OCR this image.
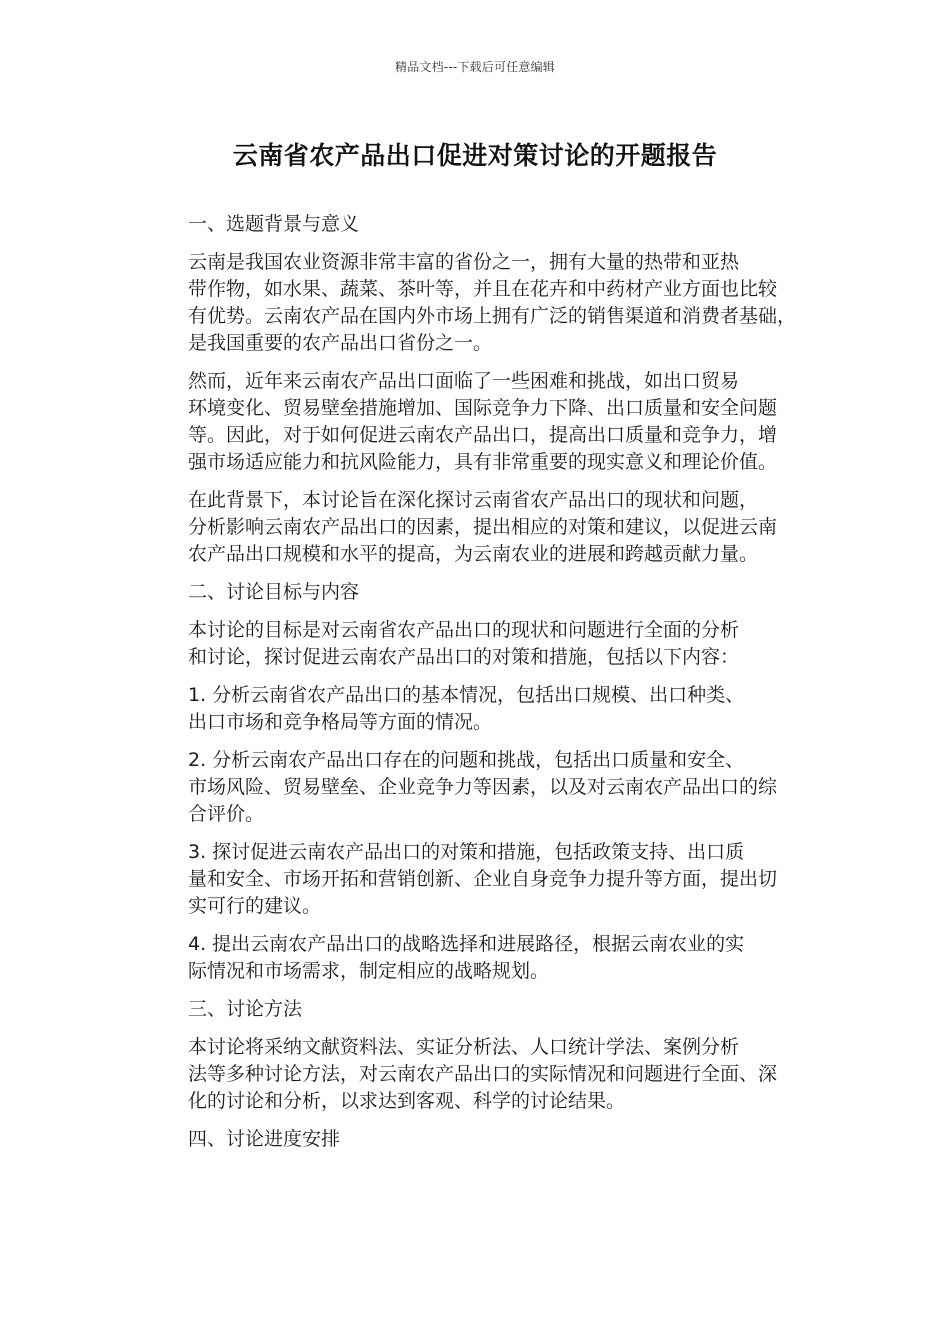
精品文档---下载后可任意编辑
云南省农产品出口促进对策讨论的开题报告

一、选题背景与意义

云南是我国农业资源非常丰富的省份之一，拥有大量的热带和亚热
带作物，如水果、蔬菜、茶叶等，并且在花卉和中药材产业方面也比较
有优势。云南农产品在国内外市场上拥有广泛的销售渠道和消费者基础，
是我国重要的农产品出口省份之一。

然而，近年来云南农产品出口面临了一些困难和挑战，如出口贸易
环境变化、贸易壁垒措施增加、国际竞争力下降、出口质量和安全问题
等。因此，对于如何促进云南农产品出口，提高出口质量和竞争力，增
强市场适应能力和抗风险能力，具有非常重要的现实意义和理论价值。

在此背景下，本讨论旨在深化探讨云南省农产品出口的现状和问题，
分析影响云南农产品出口的因素，提出相应的对策和建议，以促进云南
农产品出口规模和水平的提高，为云南农业的进展和跨越贡献力量。

二、讨论目标与内容

本讨论的目标是对云南省农产品出口的现状和问题进行全面的分析
和讨论，探讨促进云南农产品出口的对策和措施，包括以下内容：

1. 分析云南省农产品出口的基本情况，包括出口规模、出口种类、
出口市场和竞争格局等方面的情况。

2. 分析云南农产品出口存在的问题和挑战，包括出口质量和安全、
市场风险、贸易壁垒、企业竞争力等因素，以及对云南农产品出口的综
合评价。

3. 探讨促进云南农产品出口的对策和措施，包括政策支持、出口质
量和安全、市场开拓和营销创新、企业自身竞争力提升等方面，提出切
实可行的建议。

4. 提出云南农产品出口的战略选择和进展路径，根据云南农业的实
际情况和市场需求，制定相应的战略规划。

三、讨论方法

本讨论将采纳文献资料法、实证分析法、人口统计学法、案例分析
法等多种讨论方法，对云南农产品出口的实际情况和问题进行全面、深
化的讨论和分析，以求达到客观、科学的讨论结果。

四、讨论进度安排
